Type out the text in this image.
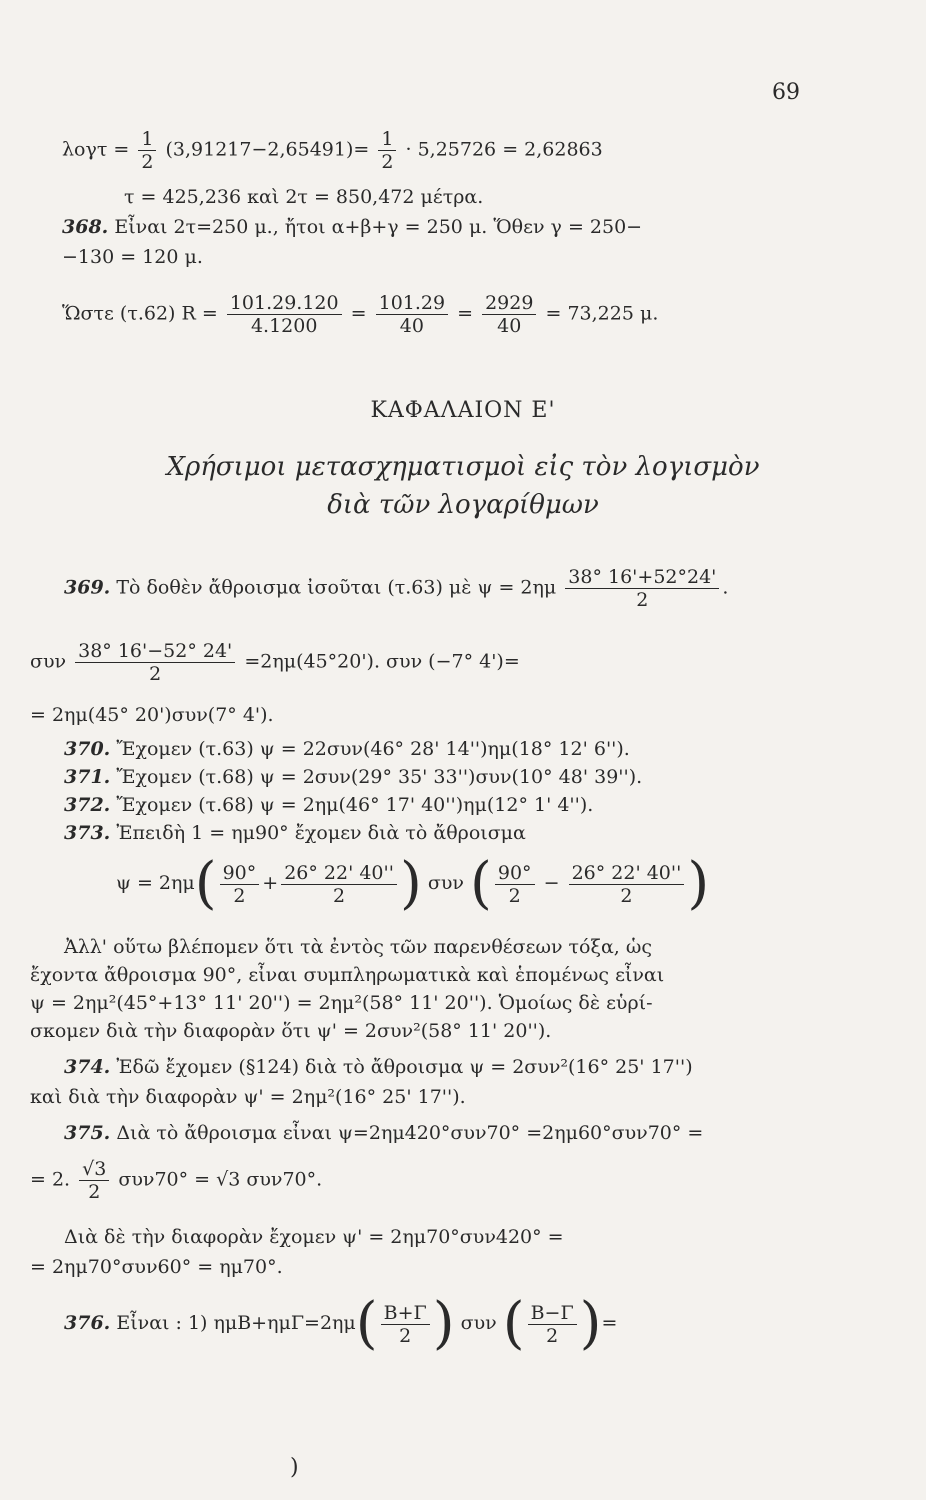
69
$\lambda o\gamma\tau = \frac{1}{2} (3,91217-2,65491)= \frac{1}{2} \cdot 5,25726 = 2,62863$
τ = 425,236 καὶ 2τ = 850,472 μέτρα.
368. Εἶναι 2τ=250 μ., ἤτοι α+β+γ = 250 μ. Ὅθεν γ = 250−
−130 = 120 μ.
Ὥστε (τ.62) $R = \frac{101.29.120}{4.1200} = \frac{101.29}{40} = \frac{2929}{40} = 73,225$ μ.
ΚΑΦΑΛΑΙΟΝ Ε'
Χρήσιμοι μετασχηματισμοὶ εἰς τὸν λογισμὸν
διὰ τῶν λογαρίθμων
369. Τὸ δοθὲν ἄθροισμα ἰσοῦται (τ.63) μὲ $\psi = 2\eta\mu \frac{38^\circ 16'+52^\circ 24'}{2}$ .
συν $\frac{38^\circ 16'-52^\circ 24'}{2} =2\eta\mu(45^\circ 20')$. συν (−7° 4')=
= 2ημ(45° 20')συν(7° 4').
370. Ἔχομεν (τ.63) ψ = 22συν(46° 28' 14'')ημ(18° 12' 6'').
371. Ἔχομεν (τ.68) ψ = 2συν(29° 35' 33'')συν(10° 48' 39'').
372. Ἔχομεν (τ.68) ψ = 2ημ(46° 17' 40'')ημ(12° 1' 4'').
373. Ἐπειδὴ 1 = ημ90° ἔχομεν διὰ τὸ ἄθροισμα
$\psi = 2\eta\mu( \frac{90^\circ}{2} + \frac{26^\circ 22' 40''}{2}$ ) συν ( $\frac{90^\circ}{2} - \frac{26^\circ 22' 40''}{2}$ )
Ἀλλ' οὕτω βλέπομεν ὅτι τὰ ἐντὸς τῶν παρενθέσεων τόξα, ὡς
ἔχοντα ἄθροισμα 90°, εἶναι συμπληρωματικὰ καὶ ἑπομένως εἶναι
ψ = 2ημ²(45°+13° 11' 20'') = 2ημ²(58° 11' 20''). Ὁμοίως δὲ εὑρί-
σκομεν διὰ τὴν διαφορὰν ὅτι ψ' = 2συν²(58° 11' 20'').
374. Ἐδῶ ἔχομεν (§124) διὰ τὸ ἄθροισμα ψ = 2συν²(16° 25' 17'')
καὶ διὰ τὴν διαφορὰν ψ' = 2ημ²(16° 25' 17'').
375. Διὰ τὸ ἄθροισμα εἶναι ψ=2ημ420°συν70° =2ημ60°συν70° =
= 2. $\frac{√3}{2} \sigma\upsilon\nu 70^\circ = √3$ συν70°.
Διὰ δὲ τὴν διαφορὰν ἔχομεν ψ' = 2ημ70°συν420° =
= 2ημ70°συν60° = ημ70°.
376. Εἶναι : 1) $\eta\mu B+\eta\mu\Gamma=2\eta\mu( \frac{B+\Gamma}{2}$ ) συν ( $\frac{B-\Gamma}{2}$ )=
)
